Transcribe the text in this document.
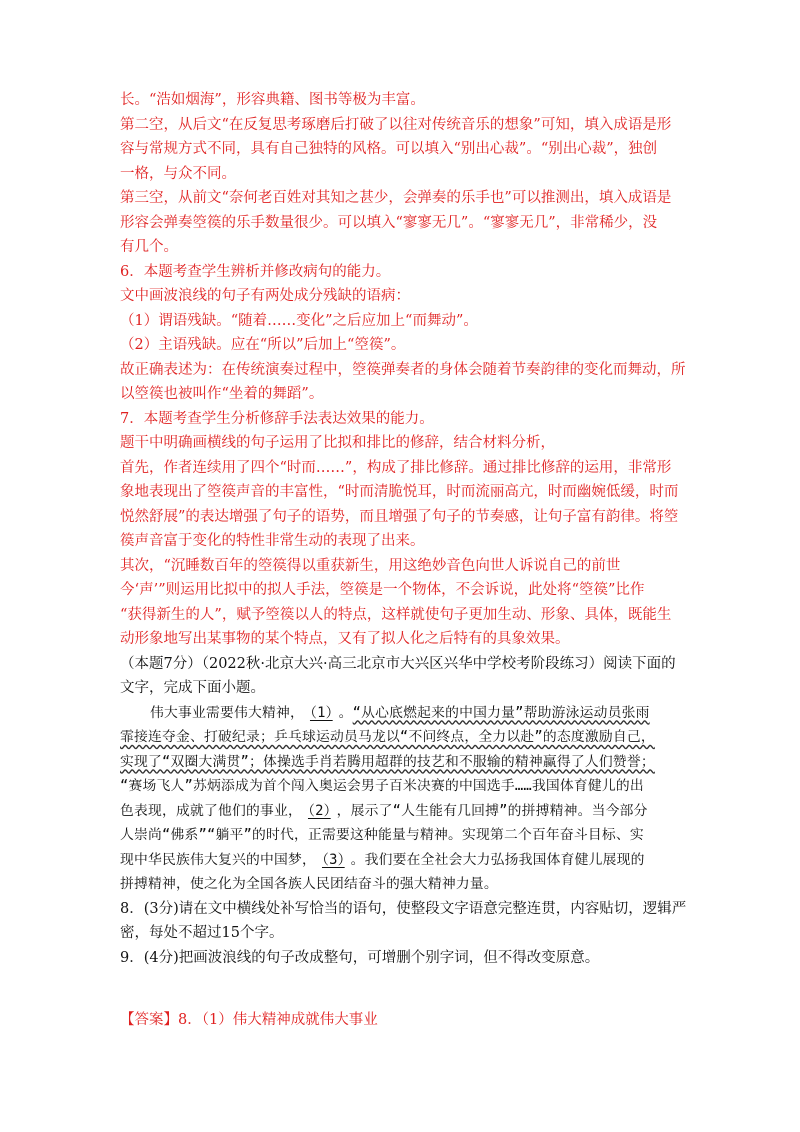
长。“浩如烟海”，形容典籍、图书等极为丰富。
第二空，从后文“在反复思考琢磨后打破了以往对传统音乐的想象”可知，填入成语是形
容与常规方式不同，具有自己独特的风格。可以填入“别出心裁”。“别出心裁”，独创
一格，与众不同。
第三空，从前文“奈何老百姓对其知之甚少，会弹奏的乐手也”可以推测出，填入成语是
形容会弹奏箜篌的乐手数量很少。可以填入“寥寥无几”。“寥寥无几”，非常稀少，没
有几个。
6．本题考查学生辨析并修改病句的能力。
文中画波浪线的句子有两处成分残缺的语病：
（1）谓语残缺。“随着……变化”之后应加上“而舞动”。
（2）主语残缺。应在“所以”后加上“箜篌”。
故正确表述为：在传统演奏过程中，箜篌弹奏者的身体会随着节奏韵律的变化而舞动，所
以箜篌也被叫作“坐着的舞蹈”。
7．本题考查学生分析修辞手法表达效果的能力。
题干中明确画横线的句子运用了比拟和排比的修辞，结合材料分析，
首先，作者连续用了四个“时而……”，构成了排比修辞。通过排比修辞的运用，非常形
象地表现出了箜篌声音的丰富性，“时而清脆悦耳，时而流丽高亢，时而幽婉低缓，时而
悦然舒展”的表达增强了句子的语势，而且增强了句子的节奏感，让句子富有韵律。将箜
篌声音富于变化的特性非常生动的表现了出来。
其次，“沉睡数百年的箜篌得以重获新生，用这绝妙音色向世人诉说自己的前世
今‘声’”则运用比拟中的拟人手法，箜篌是一个物体，不会诉说，此处将“箜篌”比作
“获得新生的人”，赋予箜篌以人的特点，这样就使句子更加生动、形象、具体，既能生
动形象地写出某事物的某个特点，又有了拟人化之后特有的具象效果。
（本题7分）（2022秋·北京大兴·高三北京市大兴区兴华中学校考阶段练习）阅读下面的
文字，完成下面小题。
伟大事业需要伟大精神， （1） 。“从心底燃起来的中国力量”帮助游泳运动员张雨
霏接连夺金、打破纪录；乒乓球运动员马龙以“不问终点，全力以赴”的态度激励自己，
实现了“双圈大满贯”；体操选手肖若腾用超群的技艺和不服输的精神赢得了人们赞誉；
“赛场飞人”苏炳添成为首个闯入奥运会男子百米决赛的中国选手……我国体育健儿的出
色表现，成就了他们的事业， （2） ，展示了“人生能有几回搏”的拼搏精神。当今部分
人崇尚“佛系”“躺平”的时代，正需要这种能量与精神。实现第二个百年奋斗目标、实
现中华民族伟大复兴的中国梦， （3） 。我们要在全社会大力弘扬我国体育健儿展现的
拼搏精神，使之化为全国各族人民团结奋斗的强大精神力量。
8．(3分)请在文中横线处补写恰当的语句，使整段文字语意完整连贯，内容贴切，逻辑严
密，每处不超过15个字。
9．(4分)把画波浪线的句子改成整句，可增删个别字词，但不得改变原意。
【答案】8．（1）伟大精神成就伟大事业
